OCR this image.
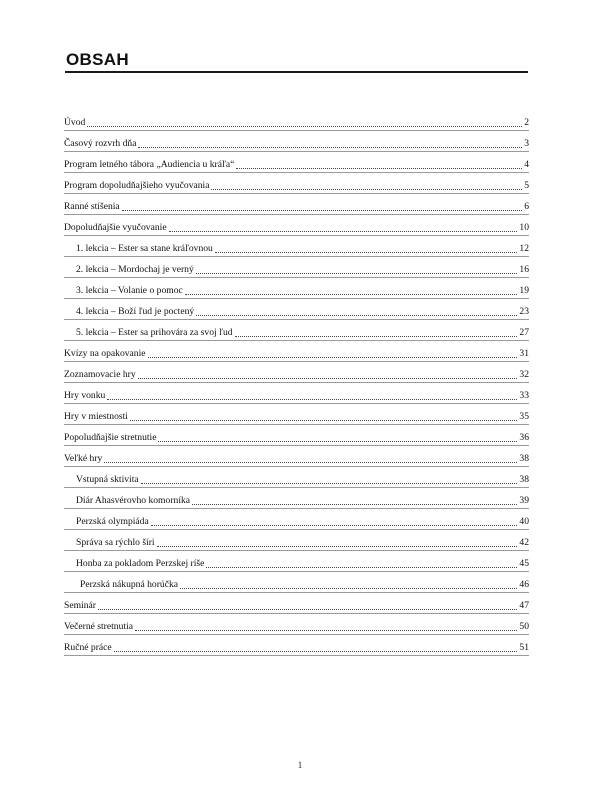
OBSAH
Úvod	2
Časový rozvrh dňa	3
Program letného tábora „Audiencia u kráľa“	4
Program dopoludňajšieho vyučovania	5
Ranné stíšenia	6
Dopoludňajšie vyučovanie	10
1. lekcia – Ester sa stane kráľovnou	12
2. lekcia – Mordochaj je verný	16
3. lekcia – Volanie o pomoc	19
4. lekcia – Boží ľud je poctený	23
5. lekcia – Ester sa prihovára za svoj ľud	27
Kvízy na opakovanie	31
Zoznamovacie hry	32
Hry vonku	33
Hry v miestnosti	35
Popoludňajšie stretnutie	36
Veľké hry	38
Vstupná sktivita	38
Diár Ahasvérovho komorníka	39
Perzská olympiáda	40
Správa sa rýchlo šíri	42
Honba za pokladom Perzskej ríše	45
Perzská nákupná horúčka	46
Seminár	47
Večerné stretnutia	50
Ručné práce	51
1
